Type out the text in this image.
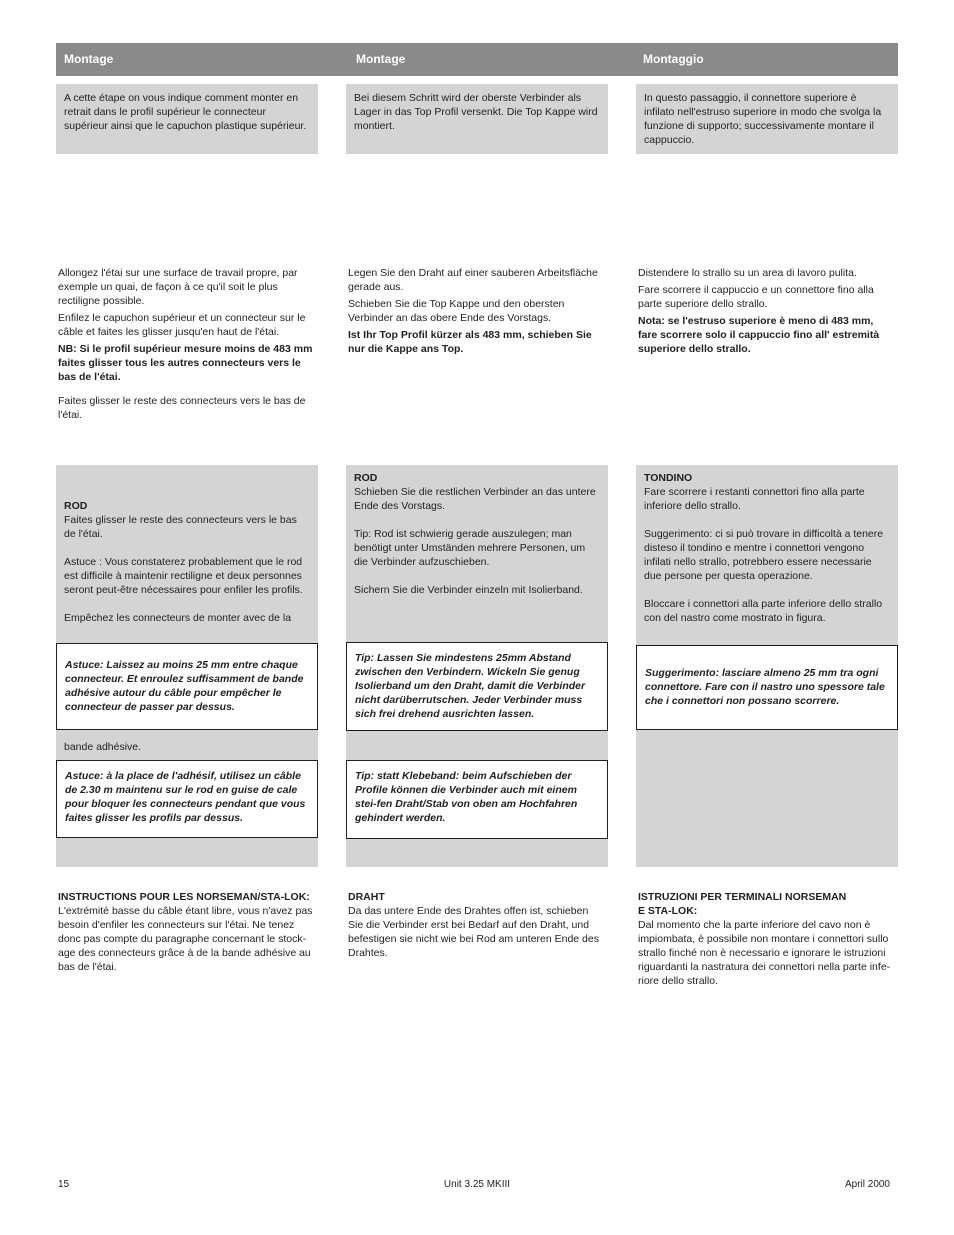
Montage	Montage	Montaggio
A cette étape on vous indique comment monter en retrait dans le profil supérieur le connecteur supérieur ainsi que le capuchon plastique supérieur.
Bei diesem Schritt wird der oberste Verbinder als Lager in das Top Profil versenkt. Die Top Kappe wird montiert.
In questo passaggio, il connettore superiore è infilato nell'estruso superiore in modo che svolga la funzione di supporto; successivamente montare il cappuccio.

Allongez l'étai sur une surface de travail propre, par exemple un quai, de façon à ce qu'il soit le plus rectiligne possible.

Enfilez le capuchon supérieur et un connecteur sur le câble et faites les glisser jusqu'en haut de l'étai.

NB: Si le profil supérieur mesure moins de 483 mm faites glisser tous les autres connecteurs vers le bas de l'étai.

Faites glisser le reste des connecteurs vers le bas de l'étai.

Legen Sie den Draht auf einer sauberen Arbeitsfläche gerade aus.

Schieben Sie die Top Kappe und den obersten Verbinder an das obere Ende des Vorstags.

Ist Ihr Top Profil kürzer als 483 mm, schieben Sie nur die Kappe ans Top.

Distendere lo strallo su un area di lavoro pulita.

Fare scorrere il cappuccio e un connettore fino alla parte superiore dello strallo.

Nota: se l'estruso superiore è meno di 483 mm, fare scorrere solo il cappuccio fino all' estremità superiore dello strallo.

ROD

Faites glisser le reste des connecteurs vers le bas de l'étai.

Astuce : Vous constaterez probablement que le rod est difficile à maintenir rectiligne et deux personnes seront peut-être nécessaires pour enfiler les profils.

Empêchez les connecteurs de monter avec de la

Astuce: Laissez au moins 25 mm entre chaque connecteur. Et enroulez suffisamment de bande adhésive autour du câble pour empêcher le connecteur de passer par dessus.
bande adhésive.
Astuce: à la place de l'adhésif, utilisez un câble de 2.30 m maintenu sur le rod en guise de cale pour bloquer les connecteurs pendant que vous faites glisser les profils par dessus.

ROD

Schieben Sie die restlichen Verbinder an das untere Ende des Vorstags.

Tip: Rod ist schwierig gerade auszulegen; man benötigt unter Umständen mehrere Personen, um die Verbinder aufzuschieben.

Sichern Sie die Verbinder einzeln mit Isolierband.

Tip: Lassen Sie mindestens 25mm Abstand zwischen den Verbindern. Wickeln Sie genug Isolierband um den Draht, damit die Verbinder nicht darüberrutschen. Jeder Verbinder muss sich frei drehend ausrichten lassen.
Tip: statt Klebeband: beim Aufschieben der Profile können die Verbinder auch mit einem stei-fen Draht/Stab von oben am Hochfahren gehindert werden.

TONDINO

Fare scorrere i restanti connettori fino alla parte inferiore dello strallo.

Suggerimento: ci si può trovare in difficoltà a tenere disteso il tondino e mentre i connettori vengono infilati nello strallo, potrebbero essere necessarie due persone per questa operazione.

Bloccare i connettori alla parte inferiore dello strallo con del nastro come mostrato in figura.

Suggerimento: lasciare almeno 25 mm tra ogni connettore. Fare con il nastro uno spessore tale che i connettori non possano scorrere.

INSTRUCTIONS POUR LES NORSEMAN/STA-LOK:

L'extrémité basse du câble étant libre, vous n'avez pas besoin d'enfiler les connecteurs sur l'étai. Ne tenez donc pas compte du paragraphe concernant le stock-age des connecteurs grâce à de la bande adhésive au bas de l'étai.

DRAHT

Da das untere Ende des Drahtes offen ist, schieben Sie die Verbinder erst bei Bedarf auf den Draht, und befestigen sie nicht wie bei Rod am unteren Ende des Drahtes.

ISTRUZIONI PER TERMINALI NORSEMAN E STA-LOK:

Dal momento che la parte inferiore del cavo non è impiombata, è possibile non montare i connettori sullo strallo finché non è necessario e ignorare le istruzioni riguardanti la nastratura dei connettori nella parte infe-riore dello strallo.

15	Unit 3.25 MKIII	April 2000
